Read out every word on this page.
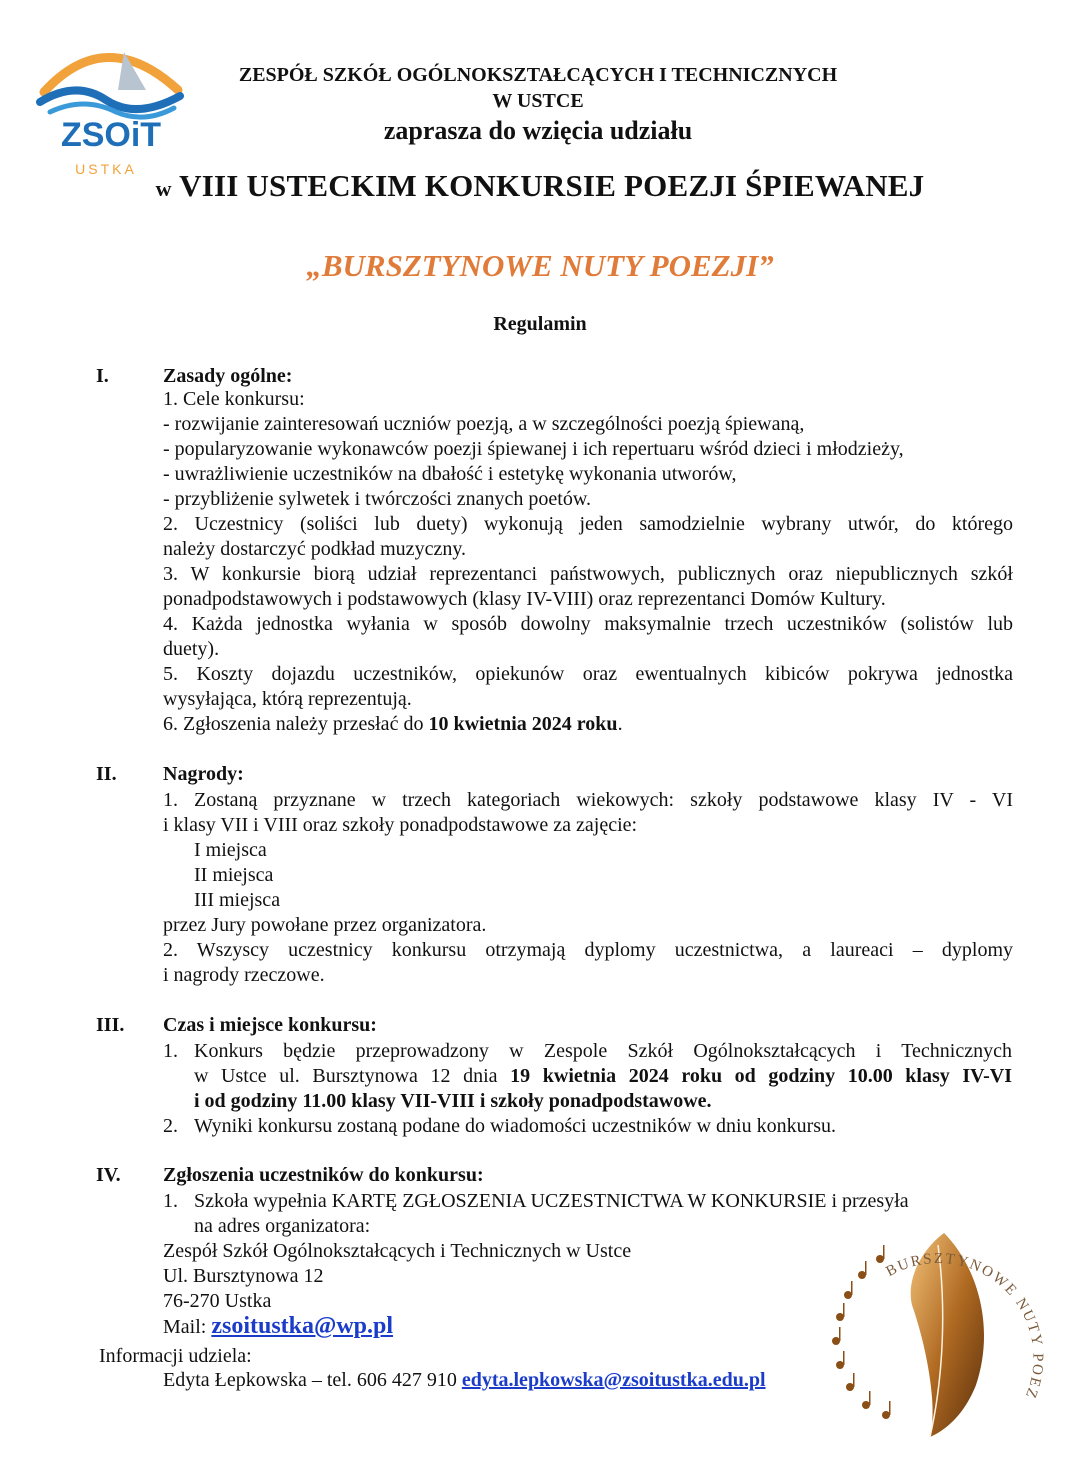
ZSOiT
USTKA
ZESPÓŁ SZKÓŁ OGÓLNOKSZTAŁCĄCYCH I TECHNICZNYCH
W USTCE
zaprasza do wzięcia udziału
w VIII USTECKIM KONKURSIE POEZJI ŚPIEWANEJ
„BURSZTYNOWE NUTY POEZJI”
Regulamin
I.	Zasady ogólne:
1. Cele konkursu:
- rozwijanie zainteresowań uczniów poezją, a w szczególności poezją śpiewaną,
- popularyzowanie wykonawców poezji śpiewanej i ich repertuaru wśród dzieci i młodzieży,
- uwrażliwienie uczestników na dbałość i estetykę wykonania utworów,
- przybliżenie sylwetek i twórczości znanych poetów.
2. Uczestnicy (soliści lub duety) wykonują jeden samodzielnie wybrany utwór, do którego
należy dostarczyć podkład muzyczny.
3. W konkursie biorą udział reprezentanci państwowych, publicznych oraz niepublicznych szkół
ponadpodstawowych i podstawowych (klasy IV-VIII) oraz reprezentanci Domów Kultury.
4. Każda jednostka wyłania w sposób dowolny maksymalnie trzech uczestników (solistów lub
duety).
5. Koszty dojazdu uczestników, opiekunów oraz ewentualnych kibiców pokrywa jednostka
wysyłająca, którą reprezentują.
6. Zgłoszenia należy przesłać do 10 kwietnia 2024 roku.
II. Nagrody:
1. Zostaną przyznane w trzech kategoriach wiekowych: szkoły podstawowe klasy IV - VI
i klasy VII i VIII oraz szkoły ponadpodstawowe za zajęcie:
I miejsca
II miejsca
III miejsca
przez Jury powołane przez organizatora.
2. Wszyscy uczestnicy konkursu otrzymają dyplomy uczestnictwa, a laureaci – dyplomy
i nagrody rzeczowe.
III. Czas i miejsce konkursu:
1. Konkurs będzie przeprowadzony w Zespole Szkół Ogólnokształcących i Technicznych
w Ustce ul. Bursztynowa 12 dnia 19 kwietnia 2024 roku od godziny 10.00 klasy IV-VI
i od godziny 11.00 klasy VII-VIII i szkoły ponadpodstawowe.
2. Wyniki konkursu zostaną podane do wiadomości uczestników w dniu konkursu.
IV. Zgłoszenia uczestników do konkursu:
1. Szkoła wypełnia KARTĘ ZGŁOSZENIA UCZESTNICTWA W KONKURSIE i przesyła
na adres organizatora:
Zespół Szkół Ogólnokształcących i Technicznych w Ustce
Ul. Bursztynowa 12
76-270 Ustka
Mail: zsoitustka@wp.pl
Informacji udziela:
Edyta Łepkowska – tel. 606 427 910 edyta.lepkowska@zsoitustka.edu.pl
BURSZTYNOWE NUTY POEZ
